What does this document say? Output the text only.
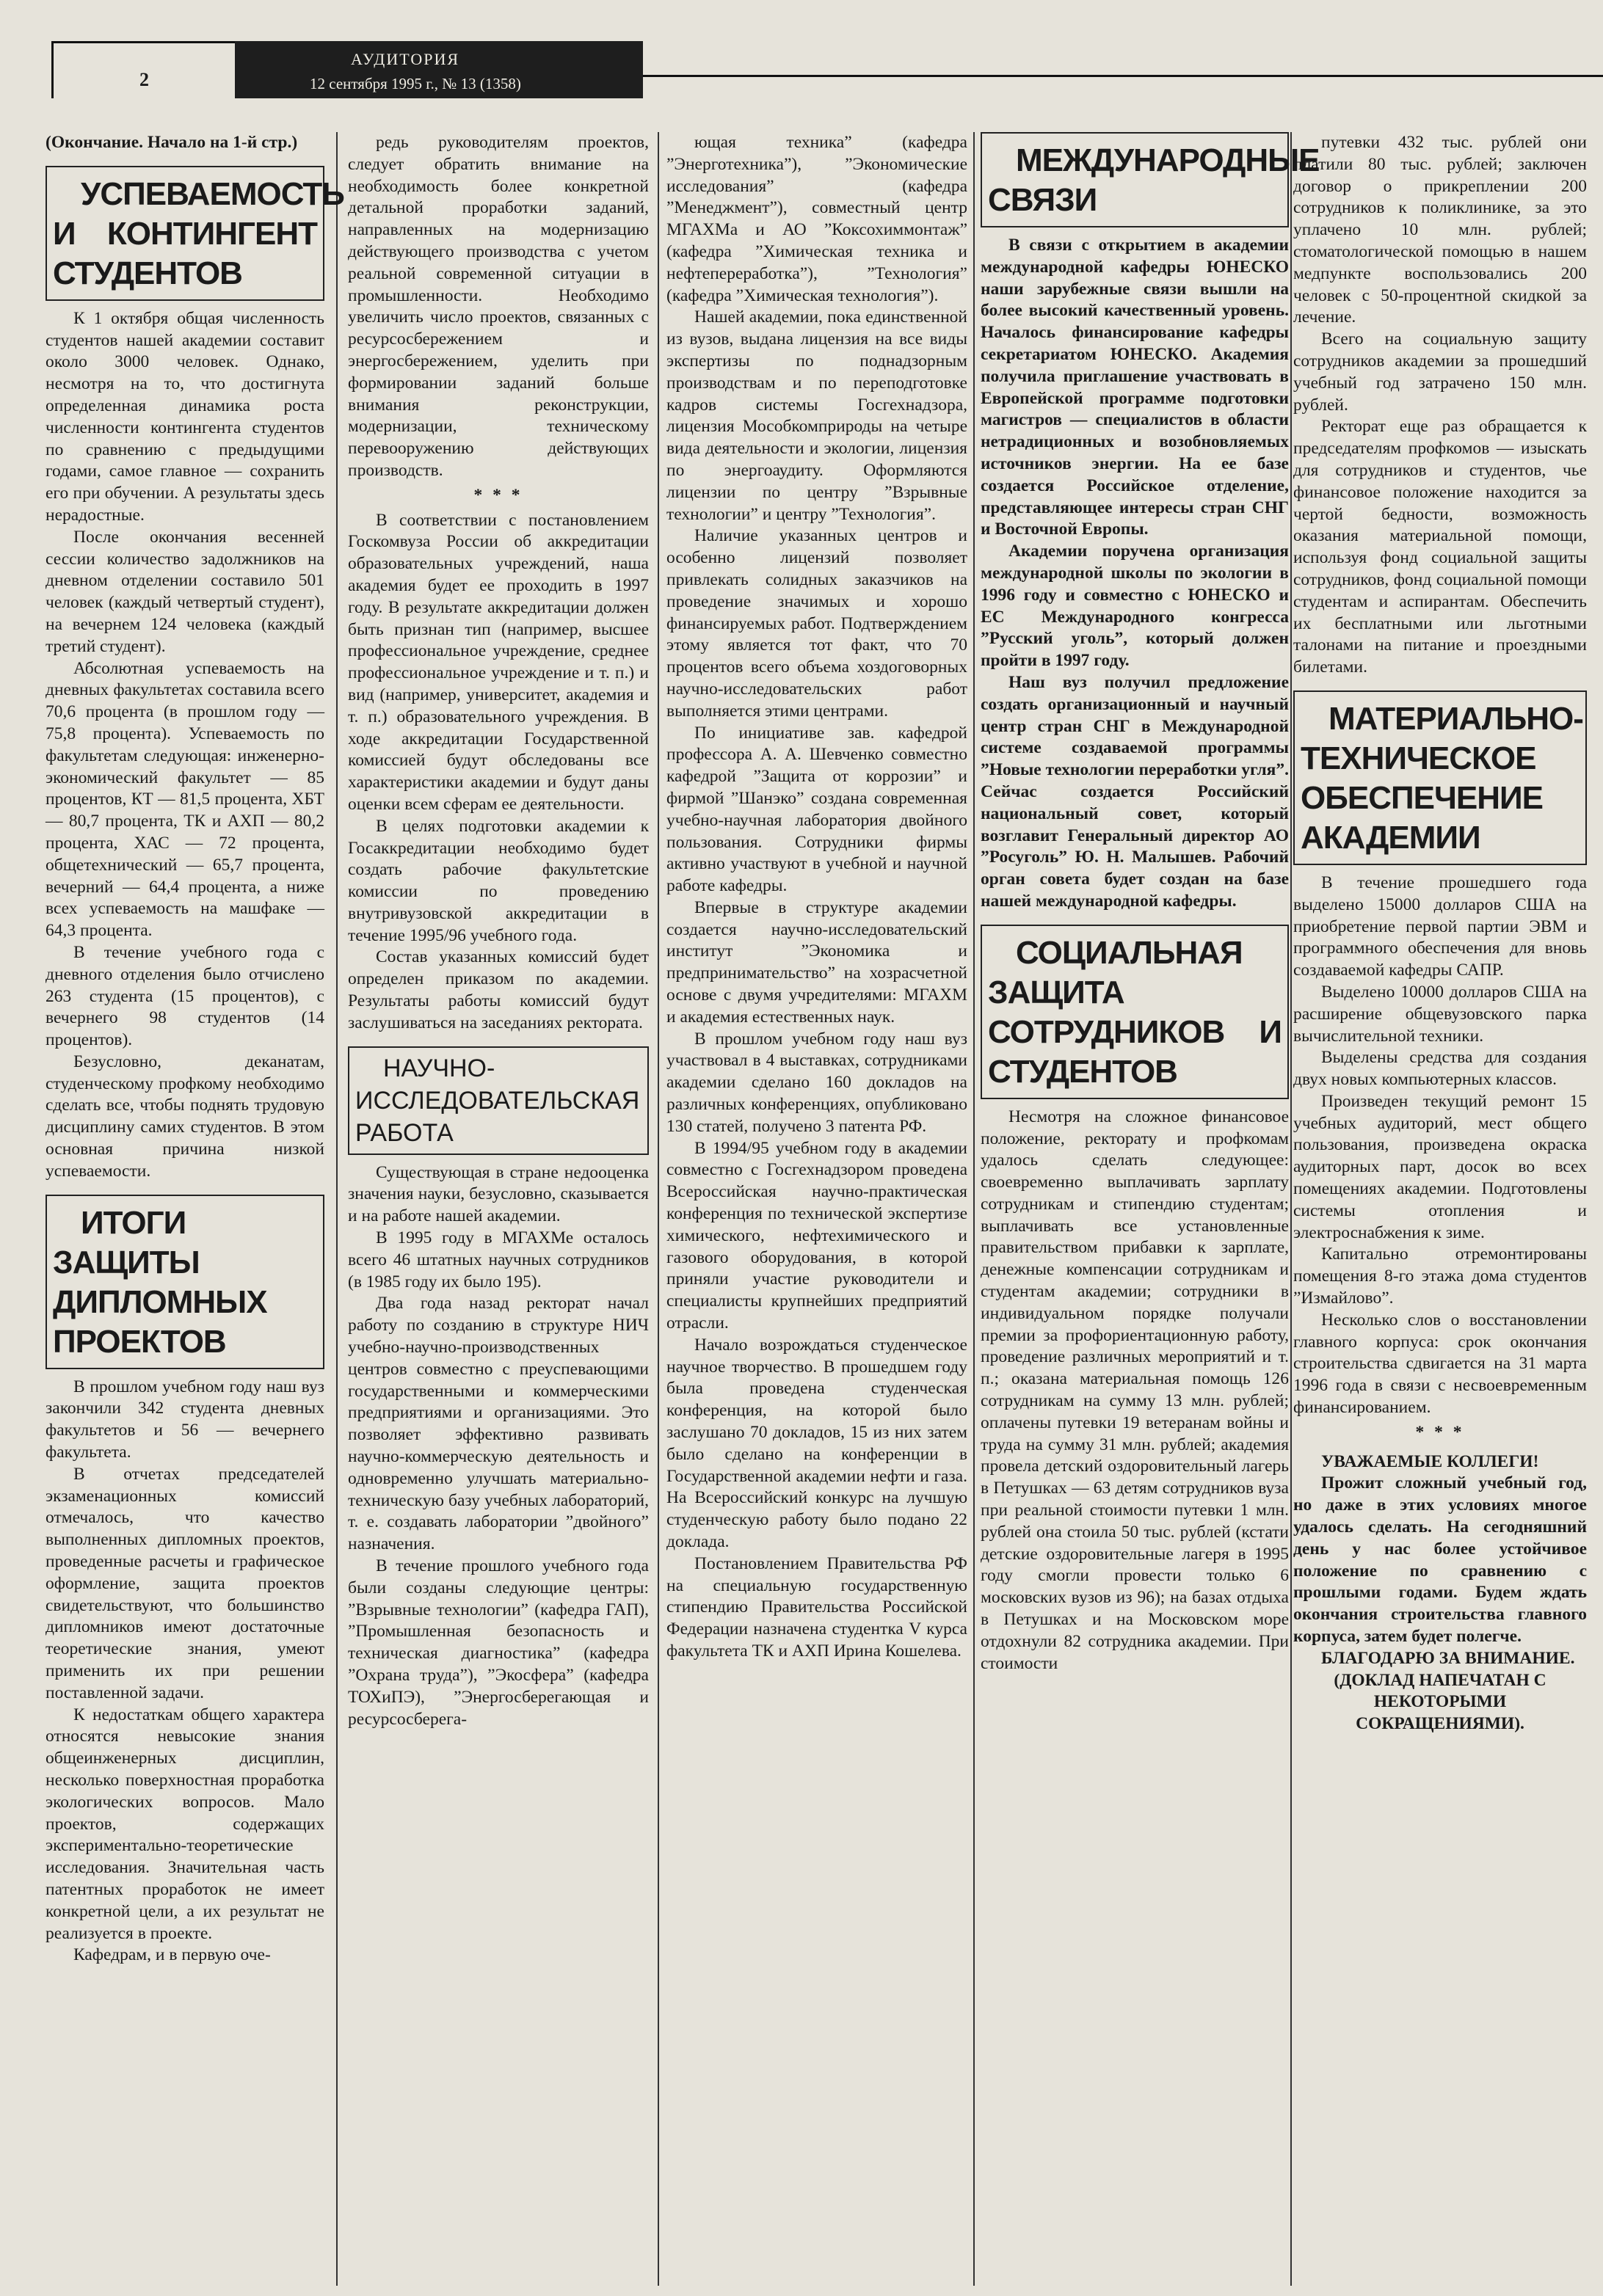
2
АУДИТОРИЯ
12 сентября 1995 г., № 13 (1358)

(Окончание. Начало на 1-й стр.)

УСПЕВАЕМОСТЬ И КОНТИНГЕНТ СТУДЕНТОВ

К 1 октября общая численность студентов нашей академии составит около 3000 человек. Однако, несмотря на то, что достигнута определенная динамика роста численности контингента студентов по сравнению с предыдущими годами, самое главное — сохранить его при обучении. А результаты здесь нерадостные.

После окончания весенней сессии количество задолжников на дневном отделении составило 501 человек (каждый четвертый студент), на вечернем 124 человека (каждый третий студент).

Абсолютная успеваемость на дневных факультетах составила всего 70,6 процента (в прошлом году — 75,8 процента). Успеваемость по факультетам следующая: инженерно-экономический факультет — 85 процентов, КТ — 81,5 процента, ХБТ — 80,7 процента, ТК и АХП — 80,2 процента, ХАС — 72 процента, общетехнический — 65,7 процента, вечерний — 64,4 процента, а ниже всех успеваемость на машфаке — 64,3 процента.

В течение учебного года с дневного отделения было отчислено 263 студента (15 процентов), с вечернего 98 студентов (14 процентов).

Безусловно, деканатам, студенческому профкому необходимо сделать все, чтобы поднять трудовую дисциплину самих студентов. В этом основная причина низкой успеваемости.

ИТОГИ ЗАЩИТЫ ДИПЛОМНЫХ ПРОЕКТОВ

В прошлом учебном году наш вуз закончили 342 студента дневных факультетов и 56 — вечернего факультета.

В отчетах председателей экзаменационных комиссий отмечалось, что качество выполненных дипломных проектов, проведенные расчеты и графическое оформление, защита проектов свидетельствуют, что большинство дипломников имеют достаточные теоретические знания, умеют применить их при решении поставленной задачи.

К недостаткам общего характера относятся невысокие знания общеинженерных дисциплин, несколько поверхностная проработка экологических вопросов. Мало проектов, содержащих экспериментально-теоретические исследования. Значительная часть патентных проработок не имеет конкретной цели, а их результат не реализуется в проекте.

Кафедрам, и в первую оче-

редь руководителям проектов, следует обратить внимание на необходимость более конкретной детальной проработки заданий, направленных на модернизацию действующего производства с учетом реальной современной ситуации в промышленности. Необходимо увеличить число проектов, связанных с ресурсосбережением и энергосбережением, уделить при формировании заданий больше внимания реконструкции, модернизации, техническому перевооружению действующих производств.

* * *

В соответствии с постановлением Госкомвуза России об аккредитации образовательных учреждений, наша академия будет ее проходить в 1997 году. В результате аккредитации должен быть признан тип (например, высшее профессиональное учреждение, среднее профессиональное учреждение и т. п.) и вид (например, университет, академия и т. п.) образовательного учреждения. В ходе аккредитации Государственной комиссией будут обследованы все характеристики академии и будут даны оценки всем сферам ее деятельности.

В целях подготовки академии к Госаккредитации необходимо будет создать рабочие факультетские комиссии по проведению внутривузовской аккредитации в течение 1995/96 учебного года.

Состав указанных комиссий будет определен приказом по академии. Результаты работы комиссий будут заслушиваться на заседаниях ректората.

НАУЧНО-ИССЛЕДОВАТЕЛЬСКАЯ РАБОТА

Существующая в стране недооценка значения науки, безусловно, сказывается и на работе нашей академии.

В 1995 году в МГАХМе осталось всего 46 штатных научных сотрудников (в 1985 году их было 195).

Два года назад ректорат начал работу по созданию в структуре НИЧ учебно-научно-производственных центров совместно с преуспевающими государственными и коммерческими предприятиями и организациями. Это позволяет эффективно развивать научно-коммерческую деятельность и одновременно улучшать материально-техническую базу учебных лабораторий, т. е. создавать лаборатории ”двойного” назначения.

В течение прошлого учебного года были созданы следующие центры: ”Взрывные технологии” (кафедра ГАП), ”Промышленная безопасность и техническая диагностика” (кафедра ”Охрана труда”), ”Экосфера” (кафедра ТОХиПЭ), ”Энергосберегающая и ресурсосберега-

ющая техника” (кафедра ”Энерготехника”), ”Экономические исследования” (кафедра ”Менеджмент”), совместный центр МГАХМа и АО ”Коксохиммонтаж” (кафедра ”Химическая техника и нефтепереработка”), ”Технология” (кафедра ”Химическая технология”).

Нашей академии, пока единственной из вузов, выдана лицензия на все виды экспертизы по поднадзорным производствам и по переподготовке кадров системы Госгехнадзора, лицензия Мособкомприроды на четыре вида деятельности и экологии, лицензия по энергоаудиту. Оформляются лицензии по центру ”Взрывные технологии” и центру ”Технология”.

Наличие указанных центров и особенно лицензий позволяет привлекать солидных заказчиков на проведение значимых и хорошо финансируемых работ. Подтверждением этому является тот факт, что 70 процентов всего объема хоздоговорных научно-исследовательских работ выполняется этими центрами.

По инициативе зав. кафедрой профессора А. А. Шевченко совместно кафедрой ”Защита от коррозии” и фирмой ”Шанэко” создана современная учебно-научная лаборатория двойного пользования. Сотрудники фирмы активно участвуют в учебной и научной работе кафедры.

Впервые в структуре академии создается научно-исследовательский институт ”Экономика и предпринимательство” на хозрасчетной основе с двумя учредителями: МГАХМ и академия естественных наук.

В прошлом учебном году наш вуз участвовал в 4 выставках, сотрудниками академии сделано 160 докладов на различных конференциях, опубликовано 130 статей, получено 3 патента РФ.

В 1994/95 учебном году в академии совместно с Госгехнадзором проведена Всероссийская научно-практическая конференция по технической экспертизе химического, нефтехимического и газового оборудования, в которой приняли участие руководители и специалисты крупнейших предприятий отрасли.

Начало возрождаться студенческое научное творчество. В прошедшем году была проведена студенческая конференция, на которой было заслушано 70 докладов, 15 из них затем было сделано на конференции в Государственной академии нефти и газа. На Всероссийский конкурс на лучшую студенческую работу было подано 22 доклада.

Постановлением Правительства РФ на специальную государственную стипендию Правительства Российской Федерации назначена студентка V курса факультета ТК и АХП Ирина Кошелева.

МЕЖДУНАРОДНЫЕ СВЯЗИ

В связи с открытием в академии международной кафедры ЮНЕСКО наши зарубежные связи вышли на более высокий качественный уровень. Началось финансирование кафедры секретариатом ЮНЕСКО. Академия получила приглашение участвовать в Европейской программе подготовки магистров — специалистов в области нетрадиционных и возобновляемых источников энергии. На ее базе создается Российское отделение, представляющее интересы стран СНГ и Восточной Европы.

Академии поручена организация международной школы по экологии в 1996 году и совместно с ЮНЕСКО и ЕС Международного конгресса ”Русский уголь”, который должен пройти в 1997 году.

Наш вуз получил предложение создать организационный и научный центр стран СНГ в Международной системе создаваемой программы ”Новые технологии переработки угля”. Сейчас создается Российский национальный совет, который возглавит Генеральный директор АО ”Росуголь” Ю. Н. Малышев. Рабочий орган совета будет создан на базе нашей международной кафедры.

СОЦИАЛЬНАЯ ЗАЩИТА СОТРУДНИКОВ И СТУДЕНТОВ

Несмотря на сложное финансовое положение, ректорату и профкомам удалось сделать следующее: своевременно выплачивать зарплату сотрудникам и стипендию студентам; выплачивать все установленные правительством прибавки к зарплате, денежные компенсации сотрудникам и студентам академии; сотрудники в индивидуальном порядке получали премии за профориентационную работу, проведение различных мероприятий и т. п.; оказана материальная помощь 126 сотрудникам на сумму 13 млн. рублей; оплачены путевки 19 ветеранам войны и труда на сумму 31 млн. рублей; академия провела детский оздоровительный лагерь в Петушках — 63 детям сотрудников вуза при реальной стоимости путевки 1 млн. рублей она стоила 50 тыс. рублей (кстати детские оздоровительные лагеря в 1995 году смогли провести только 6 московских вузов из 96); на базах отдыха в Петушках и на Московском море отдохнули 82 сотрудника академии. При стоимости

путевки 432 тыс. рублей они платили 80 тыс. рублей; заключен договор о прикреплении 200 сотрудников к поликлинике, за это уплачено 10 млн. рублей; стоматологической помощью в нашем медпункте воспользовались 200 человек с 50-процентной скидкой за лечение.

Всего на социальную защиту сотрудников академии за прошедший учебный год затрачено 150 млн. рублей.

Ректорат еще раз обращается к председателям профкомов — изыскать для сотрудников и студентов, чье финансовое положение находится за чертой бедности, возможность оказания материальной помощи, используя фонд социальной защиты сотрудников, фонд социальной помощи студентам и аспирантам. Обеспечить их бесплатными или льготными талонами на питание и проездными билетами.

МАТЕРИАЛЬНО-ТЕХНИЧЕСКОЕ ОБЕСПЕЧЕНИЕ АКАДЕМИИ

В течение прошедшего года выделено 15000 долларов США на приобретение первой партии ЭВМ и программного обеспечения для вновь создаваемой кафедры САПР.

Выделено 10000 долларов США на расширение общевузовского парка вычислительной техники.

Выделены средства для создания двух новых компьютерных классов.

Произведен текущий ремонт 15 учебных аудиторий, мест общего пользования, произведена окраска аудиторных парт, досок во всех помещениях академии. Подготовлены системы отопления и электроснабжения к зиме.

Капитально отремонтированы помещения 8-го этажа дома студентов ”Измайлово”.

Несколько слов о восстановлении главного корпуса: срок окончания строительства сдвигается на 31 марта 1996 года в связи с несвоевременным финансированием.

* * *

УВАЖАЕМЫЕ КОЛЛЕГИ!

Прожит сложный учебный год, но даже в этих условиях многое удалось сделать. На сегодняшний день у нас более устойчивое положение по сравнению с прошлыми годами. Будем ждать окончания строительства главного корпуса, затем будет полегче.

БЛАГОДАРЮ ЗА ВНИМАНИЕ.

(ДОКЛАД НАПЕЧАТАН С НЕКОТОРЫМИ СОКРАЩЕНИЯМИ).
